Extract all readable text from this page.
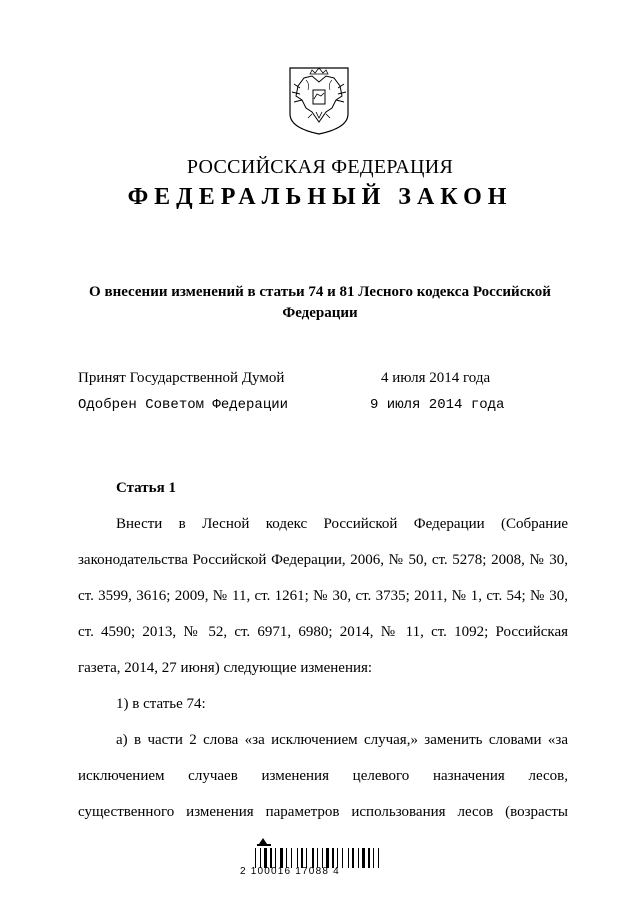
РОССИЙСКАЯ ФЕДЕРАЦИЯ
ФЕДЕРАЛЬНЫЙ ЗАКОН
О внесении изменений в статьи 74 и 81 Лесного кодекса Российской
Федерации
Принят Государственной Думой	4 июля 2014 года
Одобрен Советом Федерации	9 июля 2014 года
Статья 1
Внести в Лесной кодекс Российской Федерации (Собрание
законодательства Российской Федерации, 2006, № 50, ст. 5278; 2008, № 30,
ст. 3599, 3616; 2009, № 11, ст. 1261; № 30, ст. 3735; 2011, № 1, ст. 54; № 30,
ст. 4590; 2013, № 52, ст. 6971, 6980; 2014, № 11, ст. 1092; Российская
газета, 2014, 27 июня) следующие изменения:
1) в статье 74:
а) в части 2 слова «за исключением случая,» заменить словами «за
исключением случаев изменения целевого назначения лесов,
существенного изменения параметров использования лесов (возрасты
2 100016 17088 4
